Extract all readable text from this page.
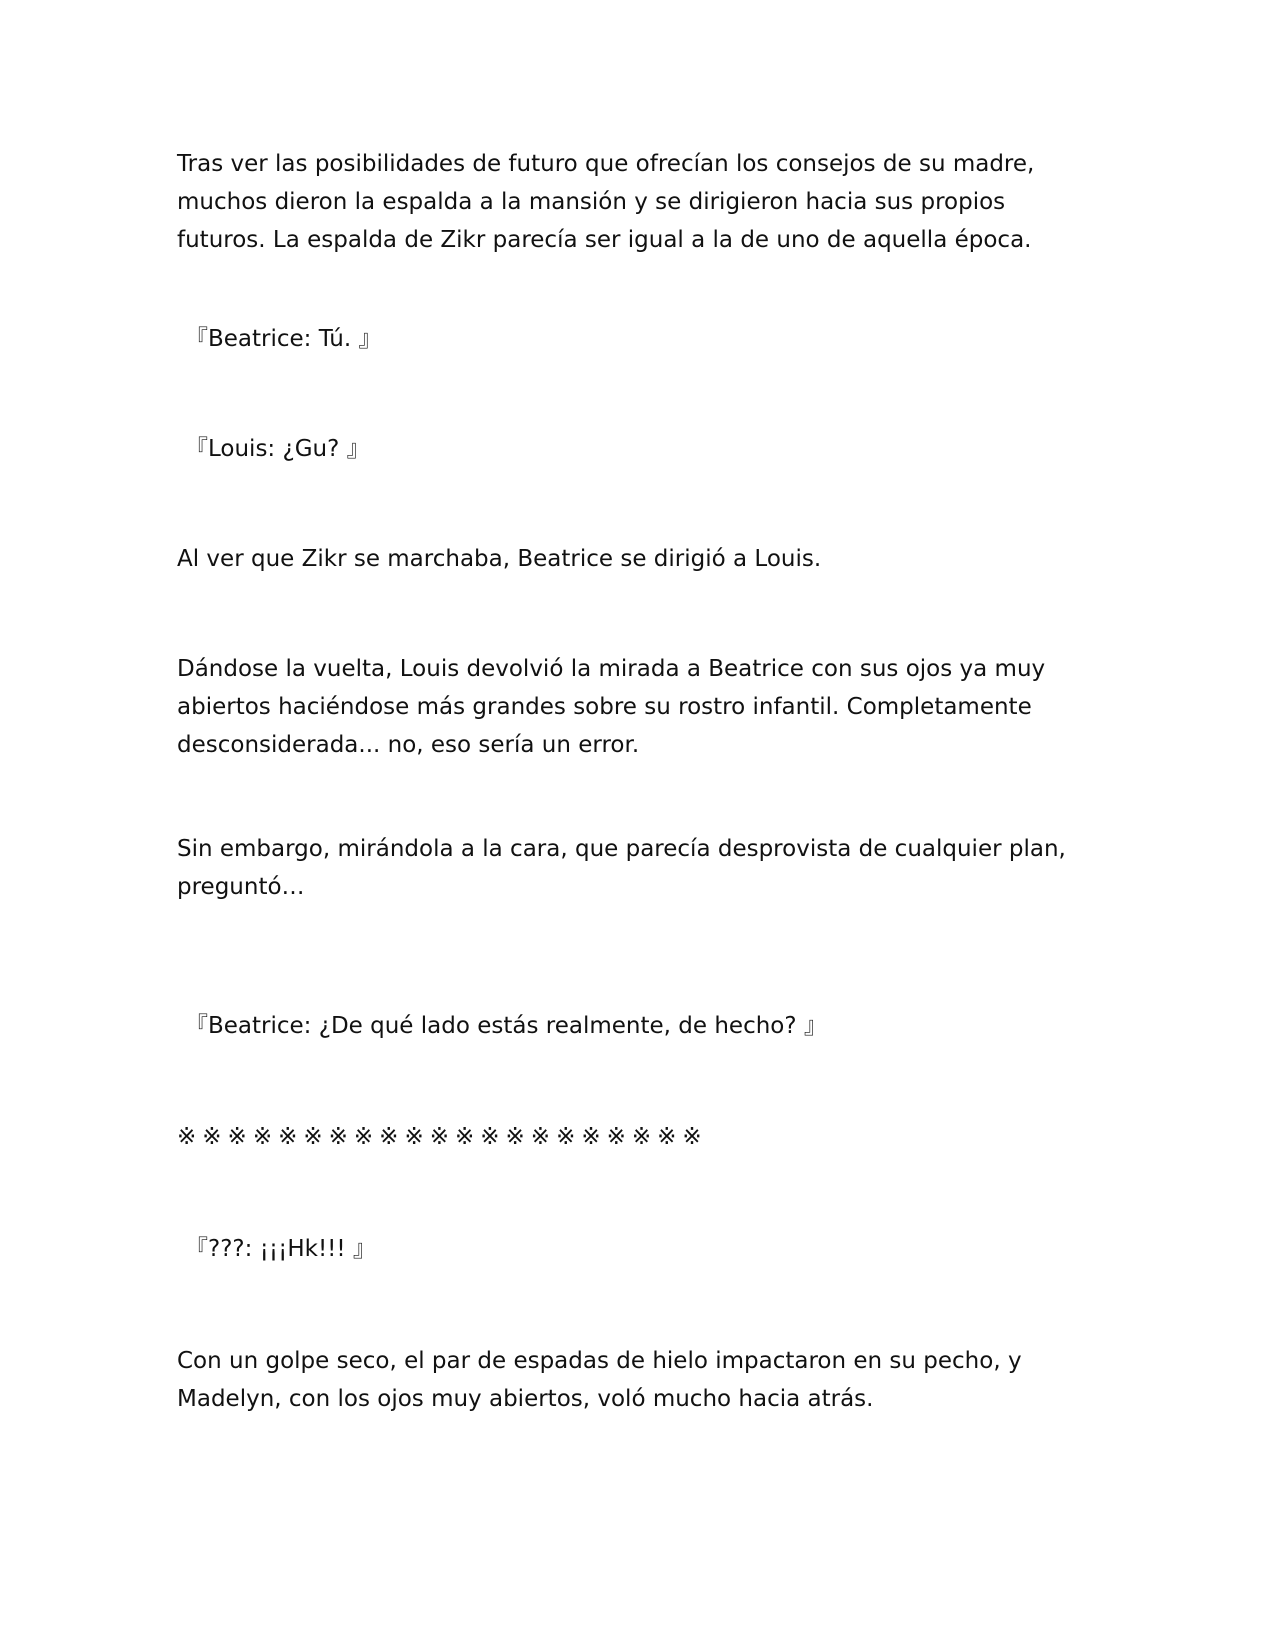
Tras ver las posibilidades de futuro que ofrecían los consejos de su madre,
muchos dieron la espalda a la mansión y se dirigieron hacia sus propios
futuros. La espalda de Zikr parecía ser igual a la de uno de aquella época.
『Beatrice: Tú. 』
『Louis: ¿Gu? 』
Al ver que Zikr se marchaba, Beatrice se dirigió a Louis.
Dándose la vuelta, Louis devolvió la mirada a Beatrice con sus ojos ya muy
abiertos haciéndose más grandes sobre su rostro infantil. Completamente
desconsiderada... no, eso sería un error.
Sin embargo, mirándola a la cara, que parecía desprovista de cualquier plan,
preguntó…
『Beatrice: ¿De qué lado estás realmente, de hecho? 』
※※※※※※※※※※※※※※※※※※※※※
『???: ¡¡¡Hk!!! 』
Con un golpe seco, el par de espadas de hielo impactaron en su pecho, y
Madelyn, con los ojos muy abiertos, voló mucho hacia atrás.
